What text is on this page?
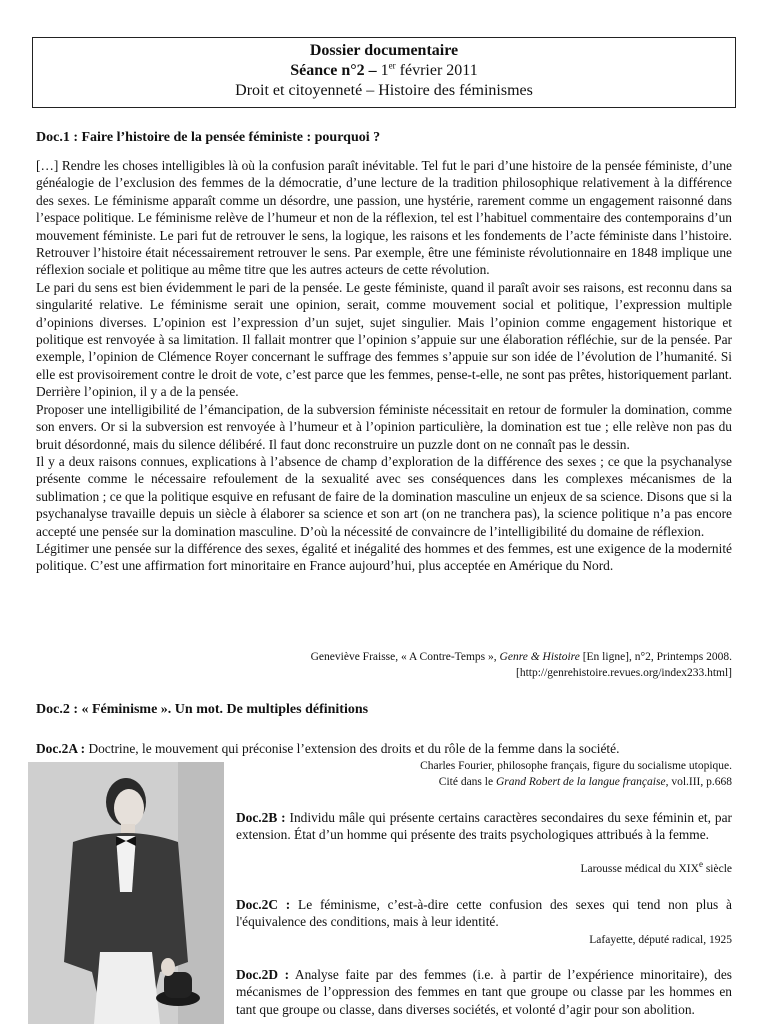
Dossier documentaire
Séance n°2 – 1er février 2011
Droit et citoyenneté – Histoire des féminismes
Doc.1 : Faire l’histoire de la pensée féministe : pourquoi ?

[…] Rendre les choses intelligibles là où la confusion paraît inévitable. Tel fut le pari d’une histoire de la pensée féministe, d’une généalogie de l’exclusion des femmes de la démocratie, d’une lecture de la tradition philosophique relativement à la différence des sexes. Le féminisme apparaît comme un désordre, une passion, une hystérie, rarement comme un engagement raisonné dans l’espace politique. Le féminisme relève de l’humeur et non de la réflexion, tel est l’habituel commentaire des contemporains d’un mouvement féministe. Le pari fut de retrouver le sens, la logique, les raisons et les fondements de l’acte féministe dans l’histoire. Retrouver l’histoire était nécessairement retrouver le sens. Par exemple, être une féministe révolutionnaire en 1848 implique une réflexion sociale et politique au même titre que les autres acteurs de cette révolution.

Le pari du sens est bien évidemment le pari de la pensée. Le geste féministe, quand il paraît avoir ses raisons, est reconnu dans sa singularité relative. Le féminisme serait une opinion, serait, comme mouvement social et politique, l’expression multiple d’opinions diverses. L’opinion est l’expression d’un sujet, sujet singulier. Mais l’opinion comme engagement historique et politique est renvoyée à sa limitation. Il fallait montrer que l’opinion s’appuie sur une élaboration réfléchie, sur de la pensée. Par exemple, l’opinion de Clémence Royer concernant le suffrage des femmes s’appuie sur son idée de l’évolution de l’humanité. Si elle est provisoirement contre le droit de vote, c’est parce que les femmes, pense-t-elle, ne sont pas prêtes, historiquement parlant. Derrière l’opinion, il y a de la pensée.

Proposer une intelligibilité de l’émancipation, de la subversion féministe nécessitait en retour de formuler la domination, comme son envers. Or si la subversion est renvoyée à l’humeur et à l’opinion particulière, la domination est tue ; elle relève non pas du bruit désordonné, mais du silence délibéré. Il faut donc reconstruire un puzzle dont on ne connaît pas le dessin.

Il y a deux raisons connues, explications à l’absence de champ d’exploration de la différence des sexes ; ce que la psychanalyse présente comme le nécessaire refoulement de la sexualité avec ses conséquences dans les complexes mécanismes de la sublimation ; ce que la politique esquive en refusant de faire de la domination masculine un enjeux de sa science. Disons que si la psychanalyse travaille depuis un siècle à élaborer sa science et son art (on ne tranchera pas), la science politique n’a pas encore accepté une pensée sur la domination masculine. D’où la nécessité de convaincre de l’intelligibilité du domaine de réflexion.

Légitimer une pensée sur la différence des sexes, égalité et inégalité des hommes et des femmes, est une exigence de la modernité politique. C’est une affirmation fort minoritaire en France aujourd’hui, plus acceptée en Amérique du Nord.

Geneviève Fraisse, « A Contre-Temps », Genre & Histoire [En ligne], n°2, Printemps 2008.
[http://genrehistoire.revues.org/index233.html]
Doc.2 : « Féminisme ». Un mot. De multiples définitions
Doc.2A : Doctrine, le mouvement qui préconise l’extension des droits et du rôle de la femme dans la société.
Charles Fourier, philosophe français, figure du socialisme utopique.
Cité dans le Grand Robert de la langue française, vol.III, p.668
Doc.2B : Individu mâle qui présente certains caractères secondaires du sexe féminin et, par extension. État d’un homme qui présente des traits psychologiques attribués à la femme.
Larousse médical du XIXe siècle
Doc.2C : Le féminisme, c’est-à-dire cette confusion des sexes qui tend non plus à l'équivalence des conditions, mais à leur identité.
Lafayette, député radical, 1925
Doc.2D : Analyse faite par des femmes (i.e. à partir de l’expérience minoritaire), des mécanismes de l’oppression des femmes en tant que groupe ou classe par les hommes en tant que groupe ou classe, dans diverses sociétés, et volonté d’agir pour son abolition.
